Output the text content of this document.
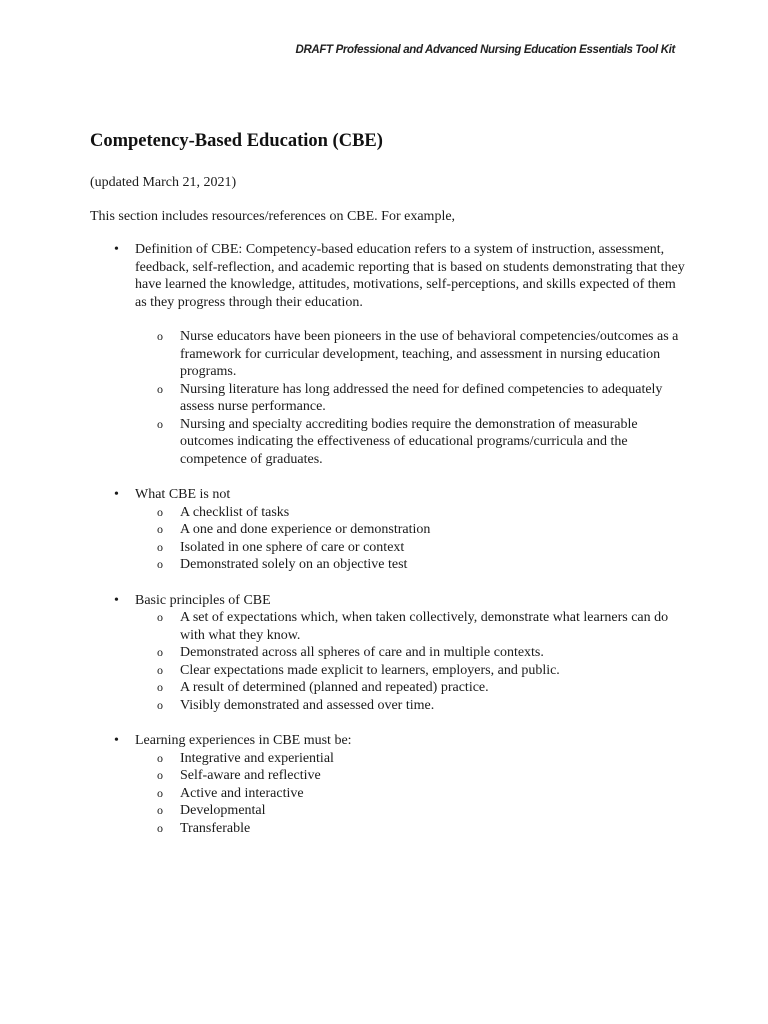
DRAFT Professional and Advanced Nursing Education Essentials Tool Kit
Competency-Based Education (CBE)

(updated March 21, 2021)

This section includes resources/references on CBE. For example,

• Definition of CBE: Competency-based education refers to a system of instruction, assessment, feedback, self-reflection, and academic reporting that is based on students demonstrating that they have learned the knowledge, attitudes, motivations, self-perceptions, and skills expected of them as they progress through their education.
o Nurse educators have been pioneers in the use of behavioral competencies/outcomes as a framework for curricular development, teaching, and assessment in nursing education programs.
o Nursing literature has long addressed the need for defined competencies to adequately assess nurse performance.
o Nursing and specialty accrediting bodies require the demonstration of measurable outcomes indicating the effectiveness of educational programs/curricula and the competence of graduates.
• What CBE is not
o A checklist of tasks
o A one and done experience or demonstration
o Isolated in one sphere of care or context
o Demonstrated solely on an objective test
• Basic principles of CBE
o A set of expectations which, when taken collectively, demonstrate what learners can do with what they know.
o Demonstrated across all spheres of care and in multiple contexts.
o Clear expectations made explicit to learners, employers, and public.
o A result of determined (planned and repeated) practice.
o Visibly demonstrated and assessed over time.
• Learning experiences in CBE must be:
o Integrative and experiential
o Self-aware and reflective
o Active and interactive
o Developmental
o Transferable
